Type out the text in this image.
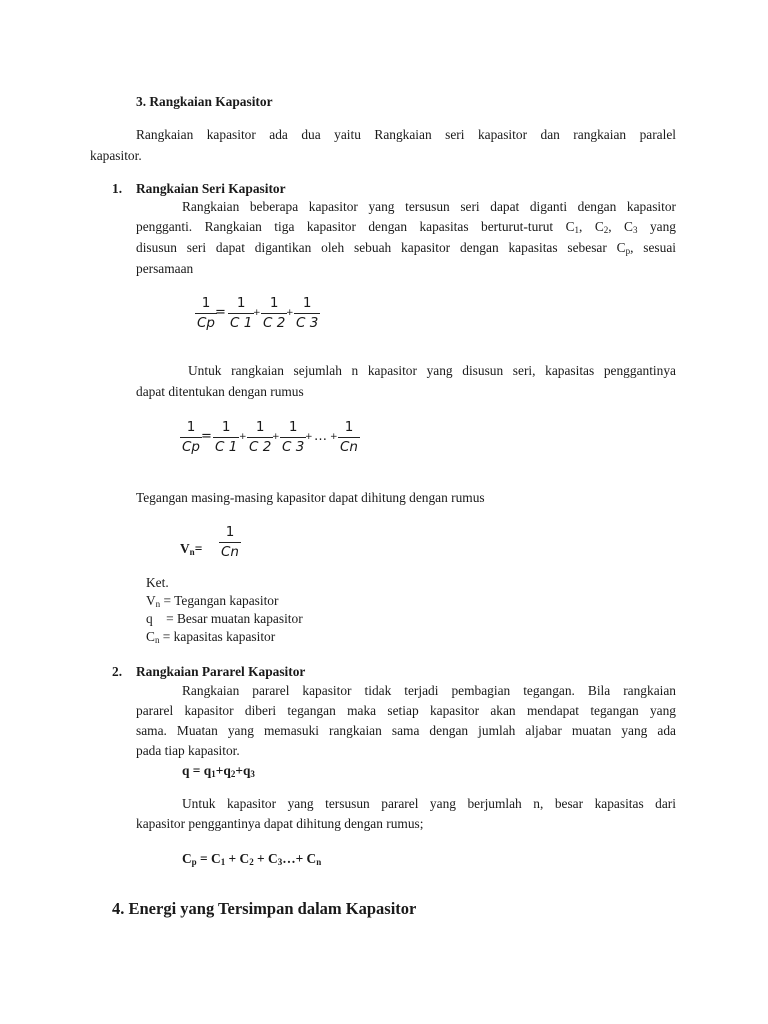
3. Rangkaian Kapasitor
Rangkaian kapasitor ada dua yaitu Rangkaian seri kapasitor dan rangkaian paralel
kapasitor.
1. Rangkaian Seri Kapasitor
Rangkaian beberapa kapasitor yang tersusun seri dapat diganti dengan kapasitor
pengganti. Rangkaian tiga kapasitor dengan kapasitas berturut-turut $C_1$, $C_2$, $C_3$ yang
disusun seri dapat digantikan oleh sebuah kapasitor dengan kapasitas sebesar $C_p$, sesuai
persamaan
$\frac{1}{Cp}$
= $\frac{1}{C 1}$
+ $\frac{1}{C 2}$
+ $\frac{1}{C 3}$
Untuk rangkaian sejumlah n kapasitor yang disusun seri, kapasitas penggantinya
dapat ditentukan dengan rumus
$\frac{1}{Cp} = \frac{1}{C 1} + \frac{1}{C 2}$
+ $\frac{1}{C 3}$
+ … + $\frac{1}{Cn}$
Tegangan masing-masing kapasitor dapat dihitung dengan rumus
$V_n= \frac{1}{Cn}$
Ket.
$V_n$ = Tegangan kapasitor
q    = Besar muatan kapasitor
$C_n$ = kapasitas kapasitor
2. Rangkaian Pararel Kapasitor
Rangkaian pararel kapasitor tidak terjadi pembagian tegangan. Bila rangkaian
pararel kapasitor diberi tegangan maka setiap kapasitor akan mendapat tegangan yang
sama. Muatan yang memasuki rangkaian sama dengan jumlah aljabar muatan yang ada
pada tiap kapasitor.
$q = q_1+q_2+q_3$
Untuk kapasitor yang tersusun pararel yang berjumlah n, besar kapasitas dari
kapasitor penggantinya dapat dihitung dengan rumus;
$C_p = C_1 + C_2$ + $C_3\dots+ C_n$
4. Energi yang Tersimpan dalam Kapasitor
